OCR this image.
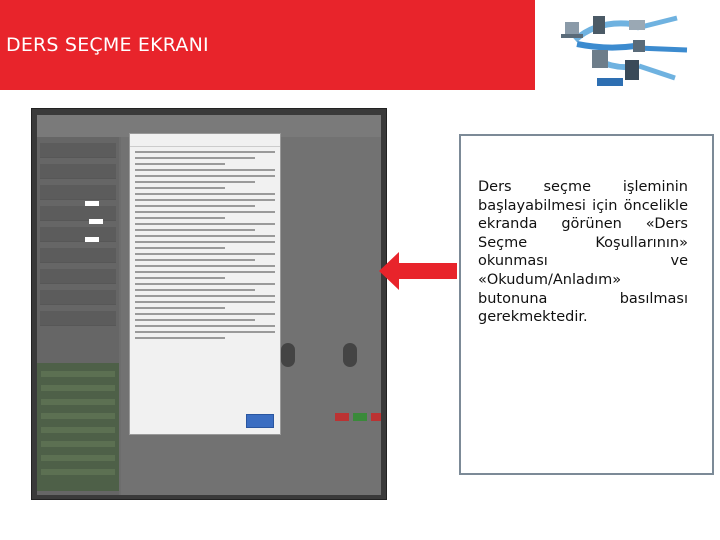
DERS SEÇME EKRANI
Ders seçme işleminin başlayabilmesi için öncelikle ekranda görünen «Ders Seçme Koşullarının» okunması ve «Okudum/Anladım» butonuna basılması gerekmektedir.
